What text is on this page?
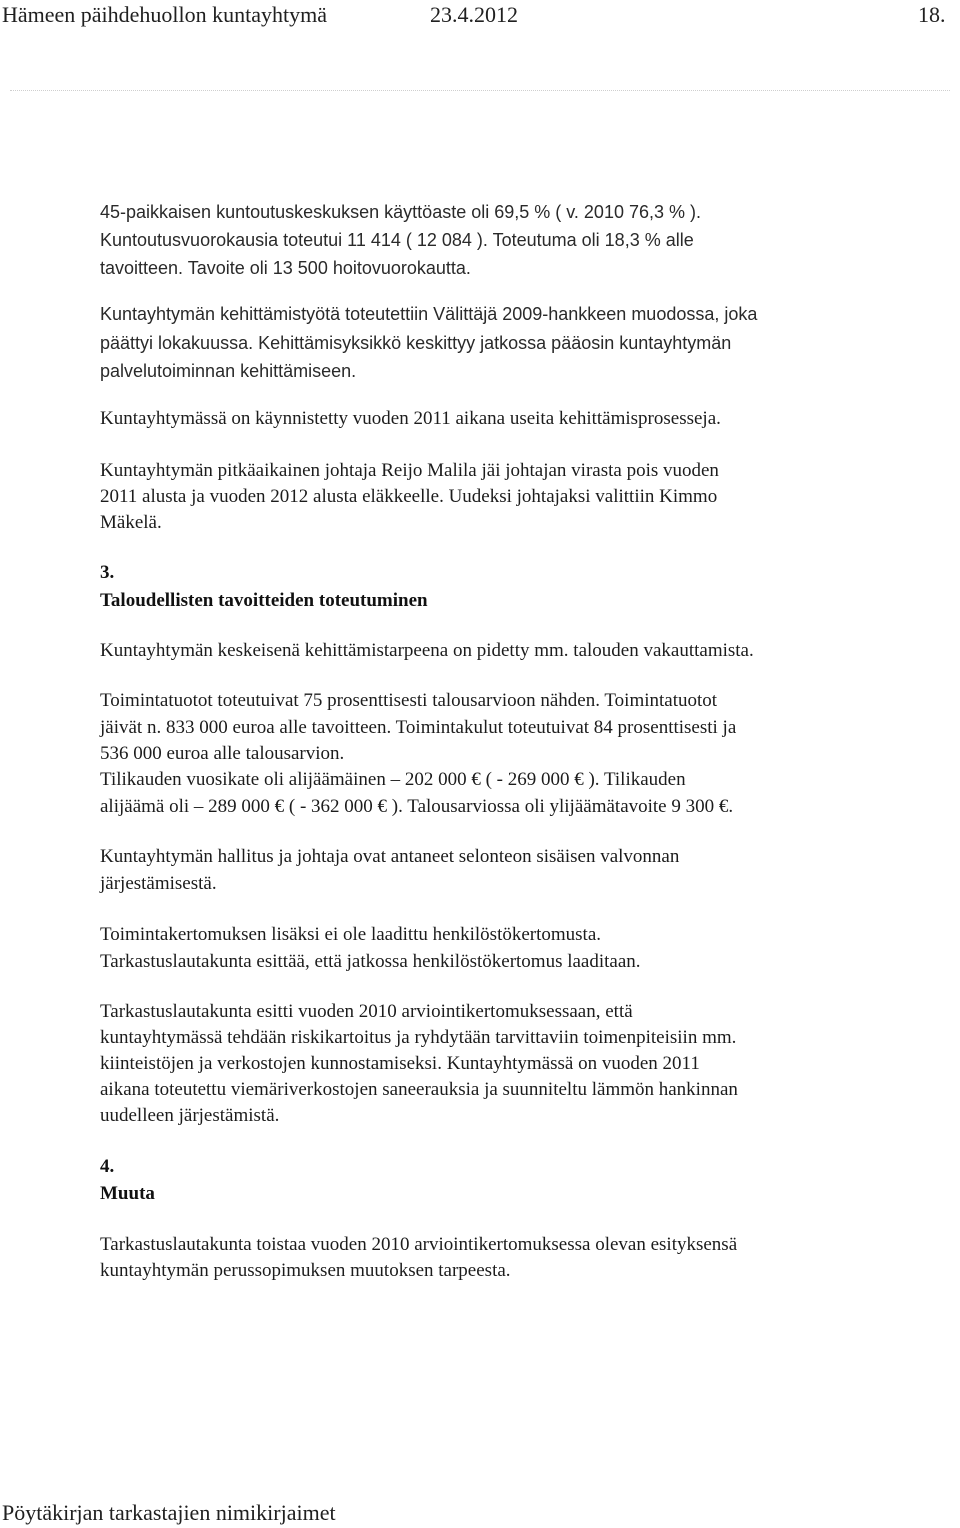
Hämeen päihdehuollon kuntayhtymä	23.4.2012	18.
45-paikkaisen kuntoutuskeskuksen käyttöaste oli 69,5 % ( v. 2010 76,3 % ).
Kuntoutusvuorokausia toteutui 11 414 ( 12 084 ). Toteutuma oli 18,3 % alle
tavoitteen. Tavoite oli 13 500 hoitovuorokautta.
Kuntayhtymän kehittämistyötä toteutettiin Välittäjä 2009-hankkeen muodossa, joka
päättyi lokakuussa. Kehittämisyksikkö keskittyy jatkossa pääosin kuntayhtymän
palvelutoiminnan kehittämiseen.
Kuntayhtymässä on käynnistetty vuoden 2011 aikana useita kehittämisprosesseja.
Kuntayhtymän pitkäaikainen johtaja Reijo Malila jäi johtajan virasta pois vuoden
2011 alusta ja vuoden 2012 alusta eläkkeelle. Uudeksi johtajaksi valittiin Kimmo
Mäkelä.
3.
Taloudellisten tavoitteiden toteutuminen
Kuntayhtymän keskeisenä kehittämistarpeena on pidetty mm. talouden vakauttamista.
Toimintatuotot toteutuivat 75 prosenttisesti talousarvioon nähden. Toimintatuotot
jäivät n. 833 000 euroa alle tavoitteen. Toimintakulut toteutuivat 84 prosenttisesti ja
536 000 euroa alle talousarvion.
Tilikauden vuosikate oli alijäämäinen – 202 000 € ( - 269 000 € ). Tilikauden
alijäämä oli – 289 000 € ( - 362 000 € ). Talousarviossa oli ylijäämätavoite 9 300 €.
Kuntayhtymän hallitus ja johtaja ovat antaneet selonteon sisäisen valvonnan
järjestämisestä.
Toimintakertomuksen lisäksi ei ole laadittu henkilöstökertomusta.
Tarkastuslautakunta esittää, että jatkossa henkilöstökertomus laaditaan.
Tarkastuslautakunta esitti vuoden 2010 arviointikertomuksessaan, että
kuntayhtymässä tehdään riskikartoitus ja ryhdytään tarvittaviin toimenpiteisiin mm.
kiinteistöjen ja verkostojen kunnostamiseksi. Kuntayhtymässä on vuoden 2011
aikana toteutettu viemäriverkostojen saneerauksia ja suunniteltu lämmön hankinnan
uudelleen järjestämistä.
4.
Muuta
Tarkastuslautakunta toistaa vuoden 2010 arviointikertomuksessa olevan esityksensä
kuntayhtymän perussopimuksen muutoksen tarpeesta.
Pöytäkirjan tarkastajien nimikirjaimet
